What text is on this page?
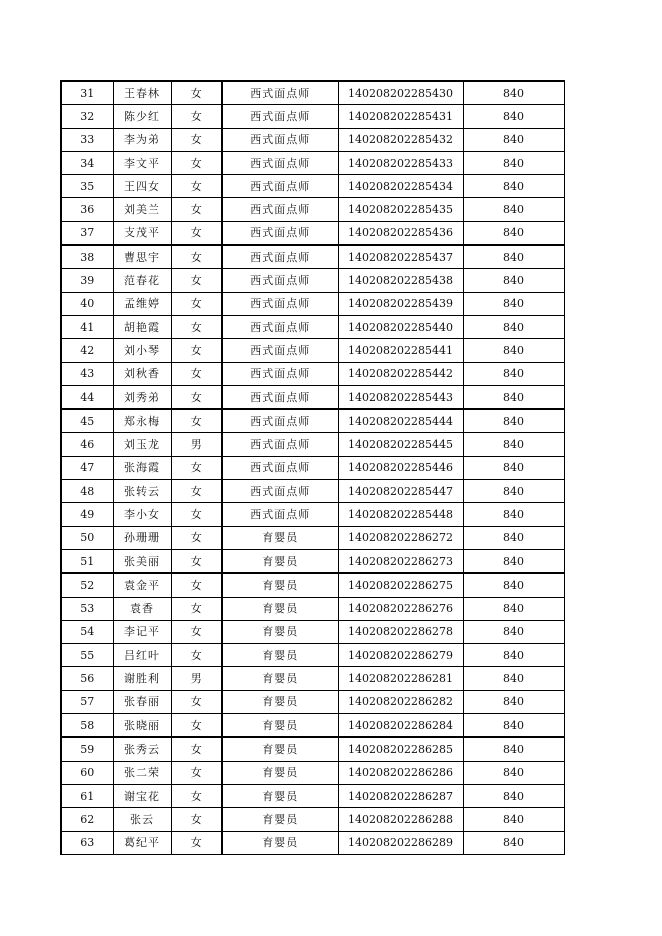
31	王春林	女	西式面点师	140208202285430	840
32	陈少红	女	西式面点师	140208202285431	840
33	李为弟	女	西式面点师	140208202285432	840
34	李文平	女	西式面点师	140208202285433	840
35	王四女	女	西式面点师	140208202285434	840
36	刘美兰	女	西式面点师	140208202285435	840
37	支茂平	女	西式面点师	140208202285436	840
38	曹思宇	女	西式面点师	140208202285437	840
39	范春花	女	西式面点师	140208202285438	840
40	孟维婷	女	西式面点师	140208202285439	840
41	胡艳霞	女	西式面点师	140208202285440	840
42	刘小琴	女	西式面点师	140208202285441	840
43	刘秋香	女	西式面点师	140208202285442	840
44	刘秀弟	女	西式面点师	140208202285443	840
45	郑永梅	女	西式面点师	140208202285444	840
46	刘玉龙	男	西式面点师	140208202285445	840
47	张海霞	女	西式面点师	140208202285446	840
48	张转云	女	西式面点师	140208202285447	840
49	李小女	女	西式面点师	140208202285448	840
50	孙珊珊	女	育婴员	140208202286272	840
51	张美丽	女	育婴员	140208202286273	840
52	袁金平	女	育婴员	140208202286275	840
53	袁香	女	育婴员	140208202286276	840
54	李记平	女	育婴员	140208202286278	840
55	吕红叶	女	育婴员	140208202286279	840
56	谢胜利	男	育婴员	140208202286281	840
57	张春丽	女	育婴员	140208202286282	840
58	张晓丽	女	育婴员	140208202286284	840
59	张秀云	女	育婴员	140208202286285	840
60	张二荣	女	育婴员	140208202286286	840
61	谢宝花	女	育婴员	140208202286287	840
62	张云	女	育婴员	140208202286288	840
63	葛纪平	女	育婴员	140208202286289	840
